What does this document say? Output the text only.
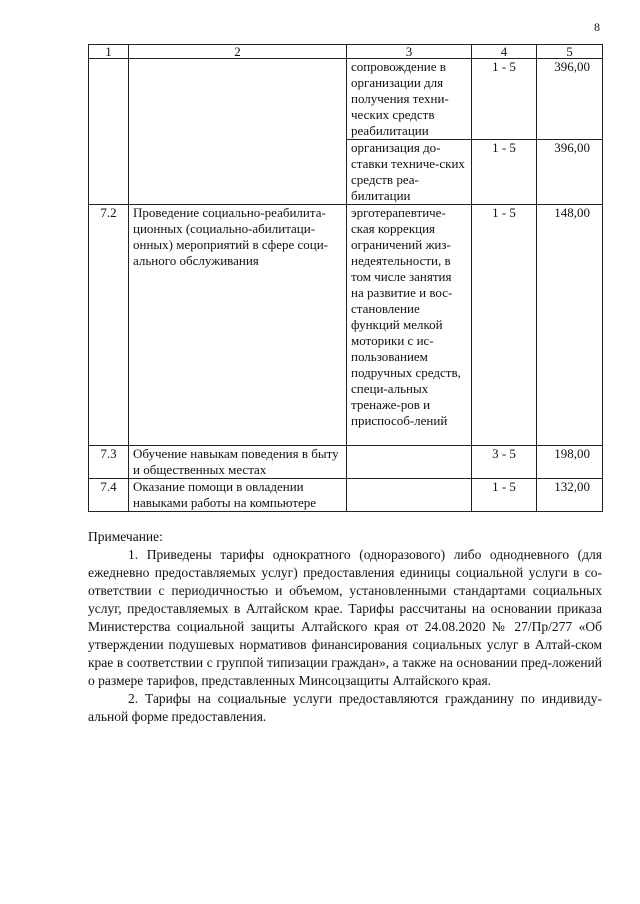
8
1	2	3	4	5
		сопровождение в организации для получения техни-ческих средств реабилитации	1 - 5	396,00
		организация до-ставки техниче-ских средств реа-билитации	1 - 5	396,00
7.2	Проведение социально-реабилита-ционных (социально-абилитаци-онных) мероприятий в сфере соци-ального обслуживания	эрготерапевтиче-ская коррекция ограничений жиз-недеятельности, в том числе занятия на развитие и вос-становление функций мелкой моторики с ис-пользованием подручных средств, специ-альных тренаже-ров и приспособ-лений	1 - 5	148,00
7.3	Обучение навыкам поведения в быту и общественных местах		3 - 5	198,00
7.4	Оказание помощи в овладении навыками работы на компьютере		1 - 5	132,00

Примечание:

1. Приведены тарифы однократного (одноразового) либо однодневного (для ежедневно предоставляемых услуг) предоставления единицы социальной услуги в со-ответствии с периодичностью и объемом, установленными стандартами социальных услуг, предоставляемых в Алтайском крае. Тарифы рассчитаны на основании приказа Министерства социальной защиты Алтайского края от 24.08.2020 № 27/Пр/277 «Об утверждении подушевых нормативов финансирования социальных услуг в Алтай-ском крае в соответствии с группой типизации граждан», а также на основании пред-ложений о размере тарифов, представленных Минсоцзащиты Алтайского края.

2. Тарифы на социальные услуги предоставляются гражданину по индивиду-альной форме предоставления.
